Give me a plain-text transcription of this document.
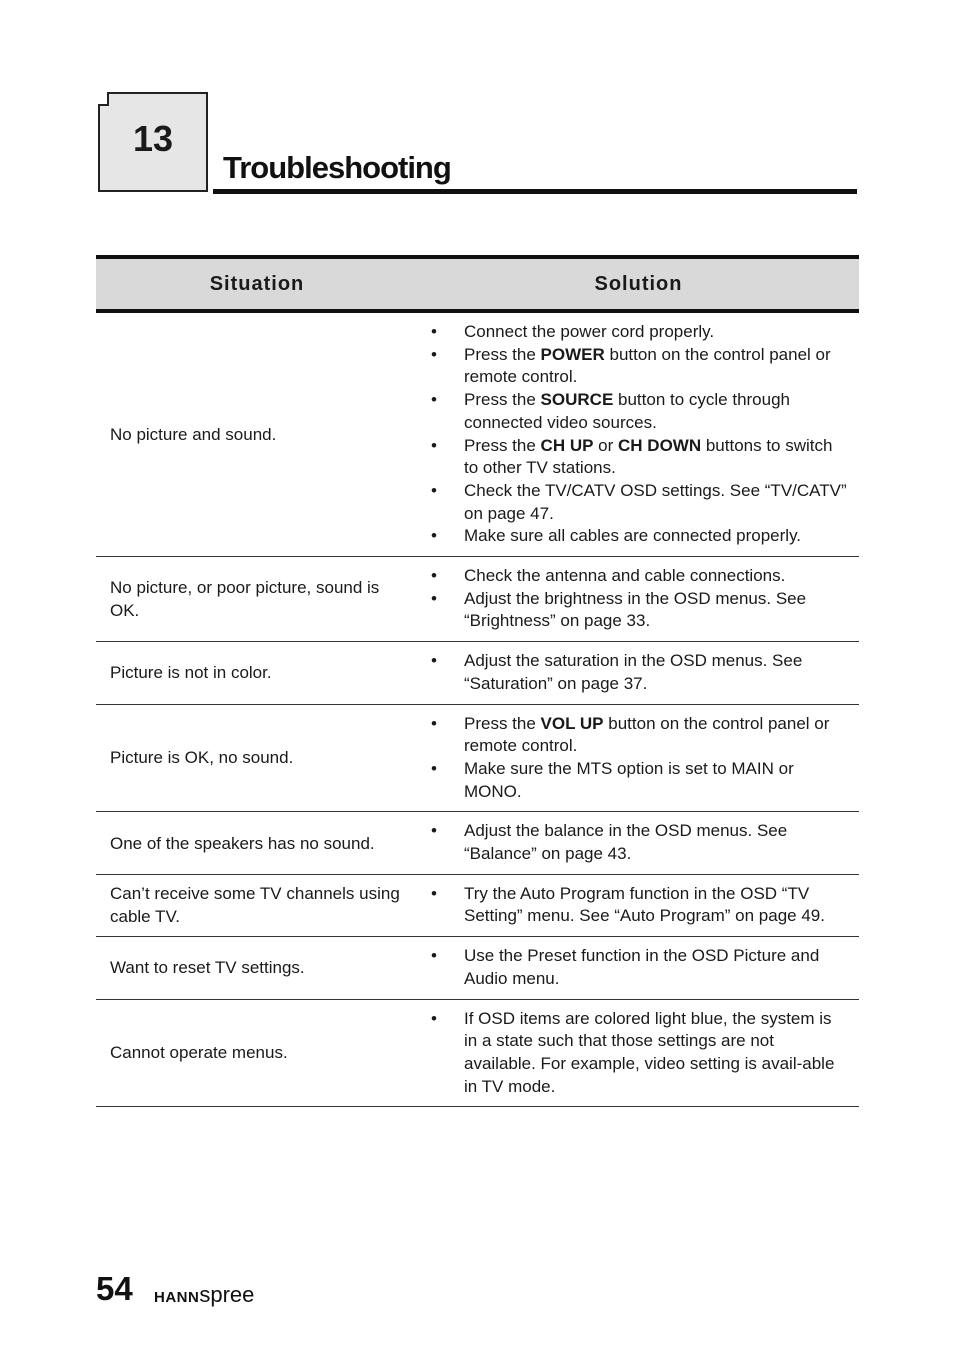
13
Troubleshooting
Situation	Solution
No picture and sound.
•	Connect the power cord properly.
•	Press the POWER button on the control panel or remote control.
•	Press the SOURCE button to cycle through connected video sources.
•	Press the CH UP or CH DOWN buttons to switch to other TV stations.
•	Check the TV/CATV OSD settings. See “TV/CATV” on page 47.
•	Make sure all cables are connected properly.
No picture, or poor picture, sound is OK.
•	Check the antenna and cable connections.
•	Adjust the brightness in the OSD menus. See “Brightness” on page 33.
Picture is not in color.
•	Adjust the saturation in the OSD menus. See “Saturation” on page 37.
Picture is OK, no sound.
•	Press the VOL UP button on the control panel or remote control.
•	Make sure the MTS option is set to MAIN or MONO.
One of the speakers has no sound.
•	Adjust the balance in the OSD menus. See “Balance” on page 43.
Can’t receive some TV channels using cable TV.
•	Try the Auto Program function in the OSD “TV Setting” menu. See “Auto Program” on page 49.
Want to reset TV settings.
•	Use the Preset function in the OSD Picture and Audio menu.
Cannot operate menus.
•	If OSD items are colored light blue, the system is in a state such that those settings are not available. For example, video setting is avail-able in TV mode.
54 HANNspree
